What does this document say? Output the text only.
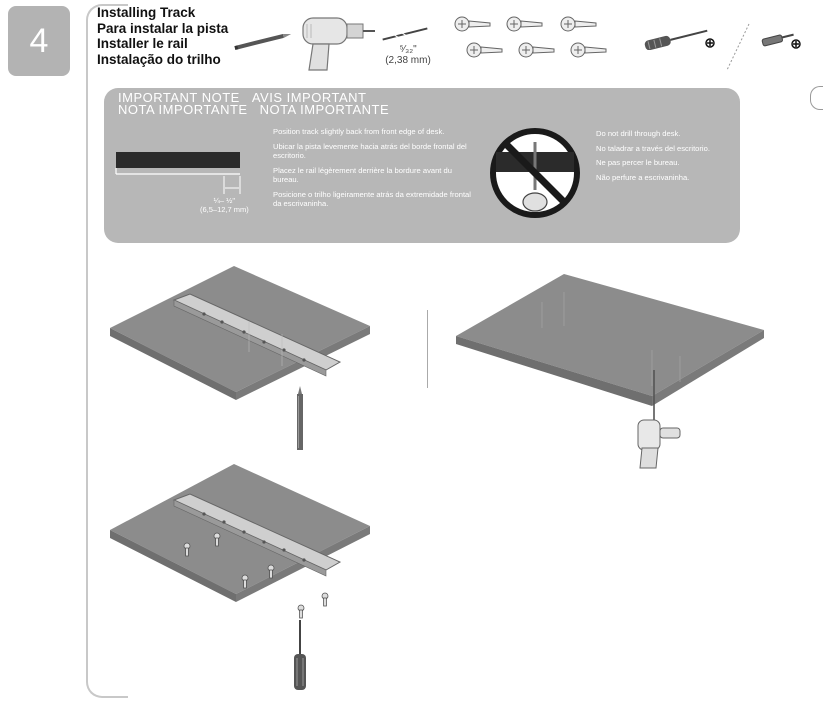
4
Installing Track
Para instalar la pista
Installer le rail
Instalação do trilho
⁵⁄₃₂"
(2,38 mm)
IMPORTANT NOTE AVIS IMPORTANT
NOTA IMPORTANTE NOTA IMPORTANTE
¼– ½"
(6,5–12,7 mm)

Position track slightly back from front edge of desk.

Ubicar la pista levemente hacia atrás del borde frontal del escritorio.

Placez le rail légèrement derrière la bordure avant du bureau.

Posicione o trilho ligeiramente atrás da extremidade frontal da escrivaninha.

Do not drill through desk.

No taladrar a través del escritorio.

Ne pas percer le bureau.

Não perfure a escrivaninha.
